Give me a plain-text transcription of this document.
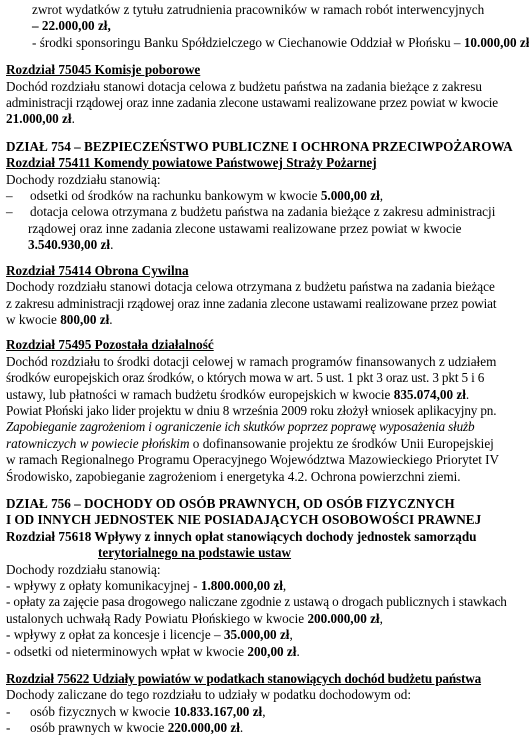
zwrot wydatków z tytułu zatrudnienia pracowników w ramach robót interwencyjnych
– 22.000,00 zł,
- środki sponsoringu Banku Spółdzielczego w Ciechanowie Oddział w Płońsku – 10.000,00 zł
Rozdział 75045 Komisje poborowe
Dochód rozdziału stanowi dotacja celowa z budżetu państwa na zadania bieżące z zakresu
administracji rządowej oraz inne zadania zlecone ustawami realizowane przez powiat w kwocie
21.000,00 zł.
DZIAŁ 754 – BEZPIECZEŃSTWO PUBLICZNE I OCHRONA PRZECIWPOŻAROWA
Rozdział 75411 Komendy powiatowe Państwowej Straży Pożarnej
Dochody rozdziału stanowią:
–	odsetki od środków na rachunku bankowym w kwocie 5.000,00 zł,
–	dotacja celowa otrzymana z budżetu państwa na zadania bieżące z zakresu administracji
rządowej oraz inne zadania zlecone ustawami realizowane przez powiat w kwocie
3.540.930,00 zł.
Rozdział 75414 Obrona Cywilna
Dochody rozdziału stanowi dotacja celowa otrzymana z budżetu państwa na zadania bieżące
z zakresu administracji rządowej oraz inne zadania zlecone ustawami realizowane przez powiat
w kwocie 800,00 zł.
Rozdział 75495 Pozostała działalność
Dochód rozdziału to środki dotacji celowej w ramach programów finansowanych z udziałem
środków europejskich oraz środków, o których mowa w art. 5 ust. 1 pkt 3 oraz ust. 3 pkt 5 i 6
ustawy, lub płatności w ramach budżetu środków europejskich w kwocie 835.074,00 zł.
Powiat Płoński jako lider projektu w dniu 8 września 2009 roku złożył wniosek aplikacyjny pn.
Zapobieganie zagrożeniom i ograniczenie ich skutków poprzez poprawę wyposażenia służb
ratowniczych w powiecie płońskim o dofinansowanie projektu ze środków Unii Europejskiej
w ramach Regionalnego Programu Operacyjnego Województwa Mazowieckiego Priorytet IV
Środowisko, zapobieganie zagrożeniom i energetyka 4.2. Ochrona powierzchni ziemi.
DZIAŁ 756 – DOCHODY OD OSÓB PRAWNYCH, OD OSÓB FIZYCZNYCH
I OD INNYCH JEDNOSTEK NIE POSIADAJĄCYCH OSOBOWOŚCI PRAWNEJ
Rozdział 75618 Wpływy z innych opłat stanowiących dochody jednostek samorządu
terytorialnego na podstawie ustaw
Dochody rozdziału stanowią:
- wpływy z opłaty komunikacyjnej - 1.800.000,00 zł,
- opłaty za zajęcie pasa drogowego naliczane zgodnie z ustawą o drogach publicznych i stawkach
ustalonych uchwałą Rady Powiatu Płońskiego w kwocie 200.000,00 zł,
- wpływy z opłat za koncesje i licencje – 35.000,00 zł,
- odsetki od nieterminowych wpłat w kwocie 200,00 zł.
Rozdział 75622 Udziały powiatów w podatkach stanowiących dochód budżetu państwa
Dochody zaliczane do tego rozdziału to udziały w podatku dochodowym od:
-	osób fizycznych w kwocie 10.833.167,00 zł,
-	osób prawnych w kwocie 220.000,00 zł.
